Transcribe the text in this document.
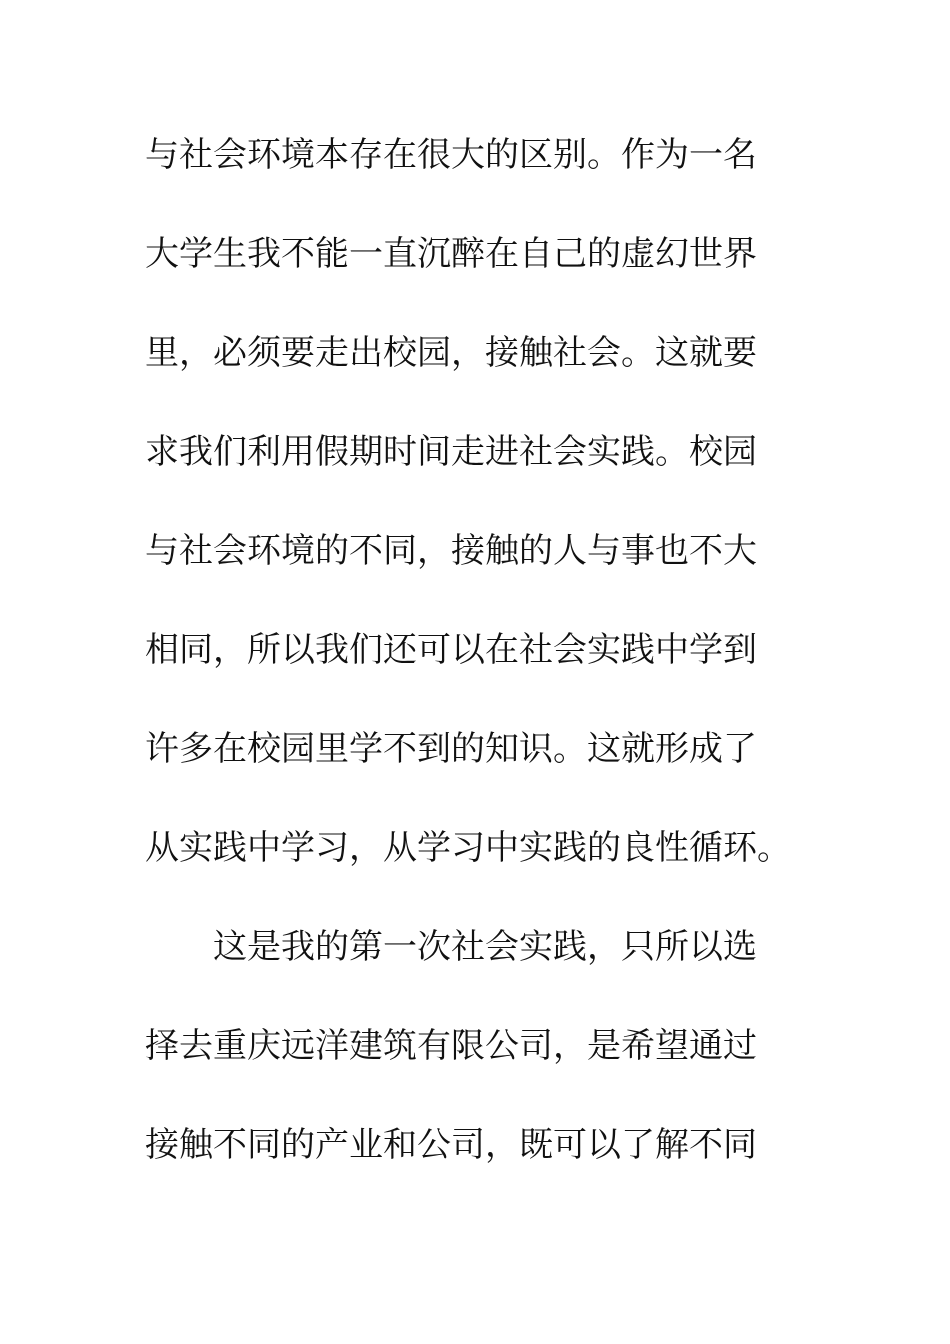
与社会环境本存在很大的区别。作为一名
大学生我不能一直沉醉在自己的虚幻世界
里，必须要走出校园，接触社会。这就要
求我们利用假期时间走进社会实践。校园
与社会环境的不同，接触的人与事也不大
相同，所以我们还可以在社会实践中学到
许多在校园里学不到的知识。这就形成了
从实践中学习，从学习中实践的良性循环。
　　这是我的第一次社会实践，只所以选
择去重庆远洋建筑有限公司，是希望通过
接触不同的产业和公司，既可以了解不同
